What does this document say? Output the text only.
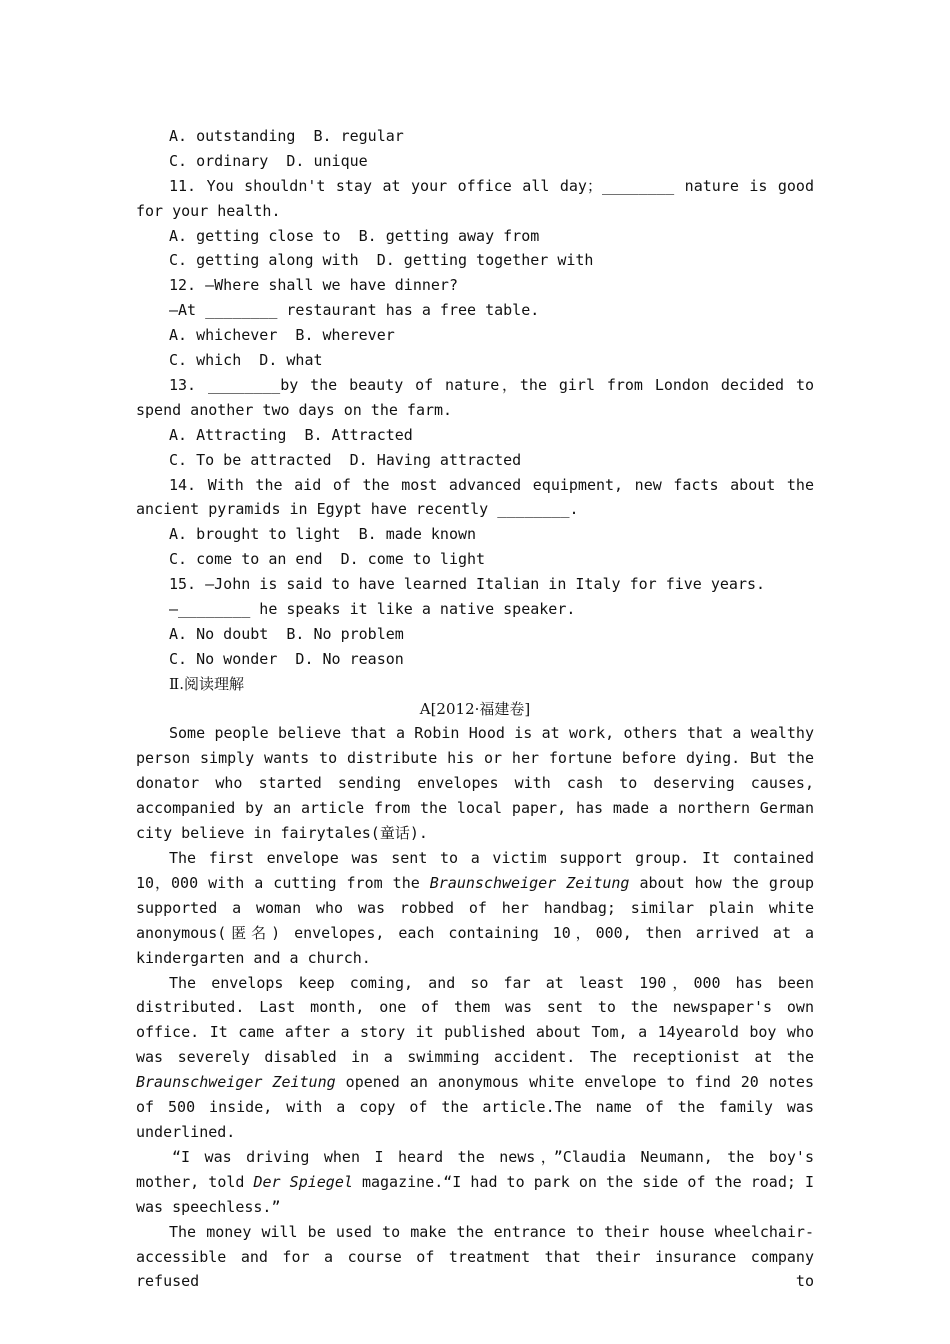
A. outstanding  B. regular
C. ordinary  D. unique

11. You shouldn't stay at your office all day；________ nature is good for your health.

A. getting close to  B. getting away from
C. getting along with  D. getting together with
12. —Where shall we have dinner?
—At ________ restaurant has a free table.
A. whichever  B. wherever
C. which  D. what

13. ________by the beauty of nature，the girl from London decided to spend another two days on the farm.

A. Attracting  B. Attracted
C. To be attracted  D. Having attracted

14. With the aid of the most advanced equipment, new facts about the ancient pyramids in Egypt have recently ________.

A. brought to light  B. made known
C. come to an end  D. come to light
15. —John is said to have learned Italian in Italy for five years.
—________ he speaks it like a native speaker.
A. No doubt  B. No problem
C. No wonder  D. No reason
Ⅱ.阅读理解
A[2012·福建卷]

Some people believe that a Robin Hood is at work, others that a wealthy person simply wants to distribute his or her fortune before dying. But the donator who started sending envelopes with cash to deserving causes, accompanied by an article from the local paper, has made a northern German city believe in fairytales(童话).

The first envelope was sent to a victim support group. It contained 10，000 with a cutting from the Braunschweiger Zeitung about how the group supported a woman who was robbed of her handbag; similar plain white anonymous(匿名) envelopes, each containing 10，000, then arrived at a kindergarten and a church.

The envelops keep coming, and so far at least 190，000 has been distributed. Last month, one of them was sent to the newspaper's own office. It came after a story it published about Tom, a 14yearold boy who was severely disabled in a swimming accident. The receptionist at the Braunschweiger Zeitung opened an anonymous white envelope to find 20 notes of 500 inside, with a copy of the article.The name of the family was underlined.

“I was driving when I heard the news，”Claudia Neumann, the boy's mother, told Der Spiegel magazine.“I had to park on the side of the road; I was speechless.”

The money will be used to make the entrance to their house wheelchair-accessible and for a course of treatment that their insurance company refused to
